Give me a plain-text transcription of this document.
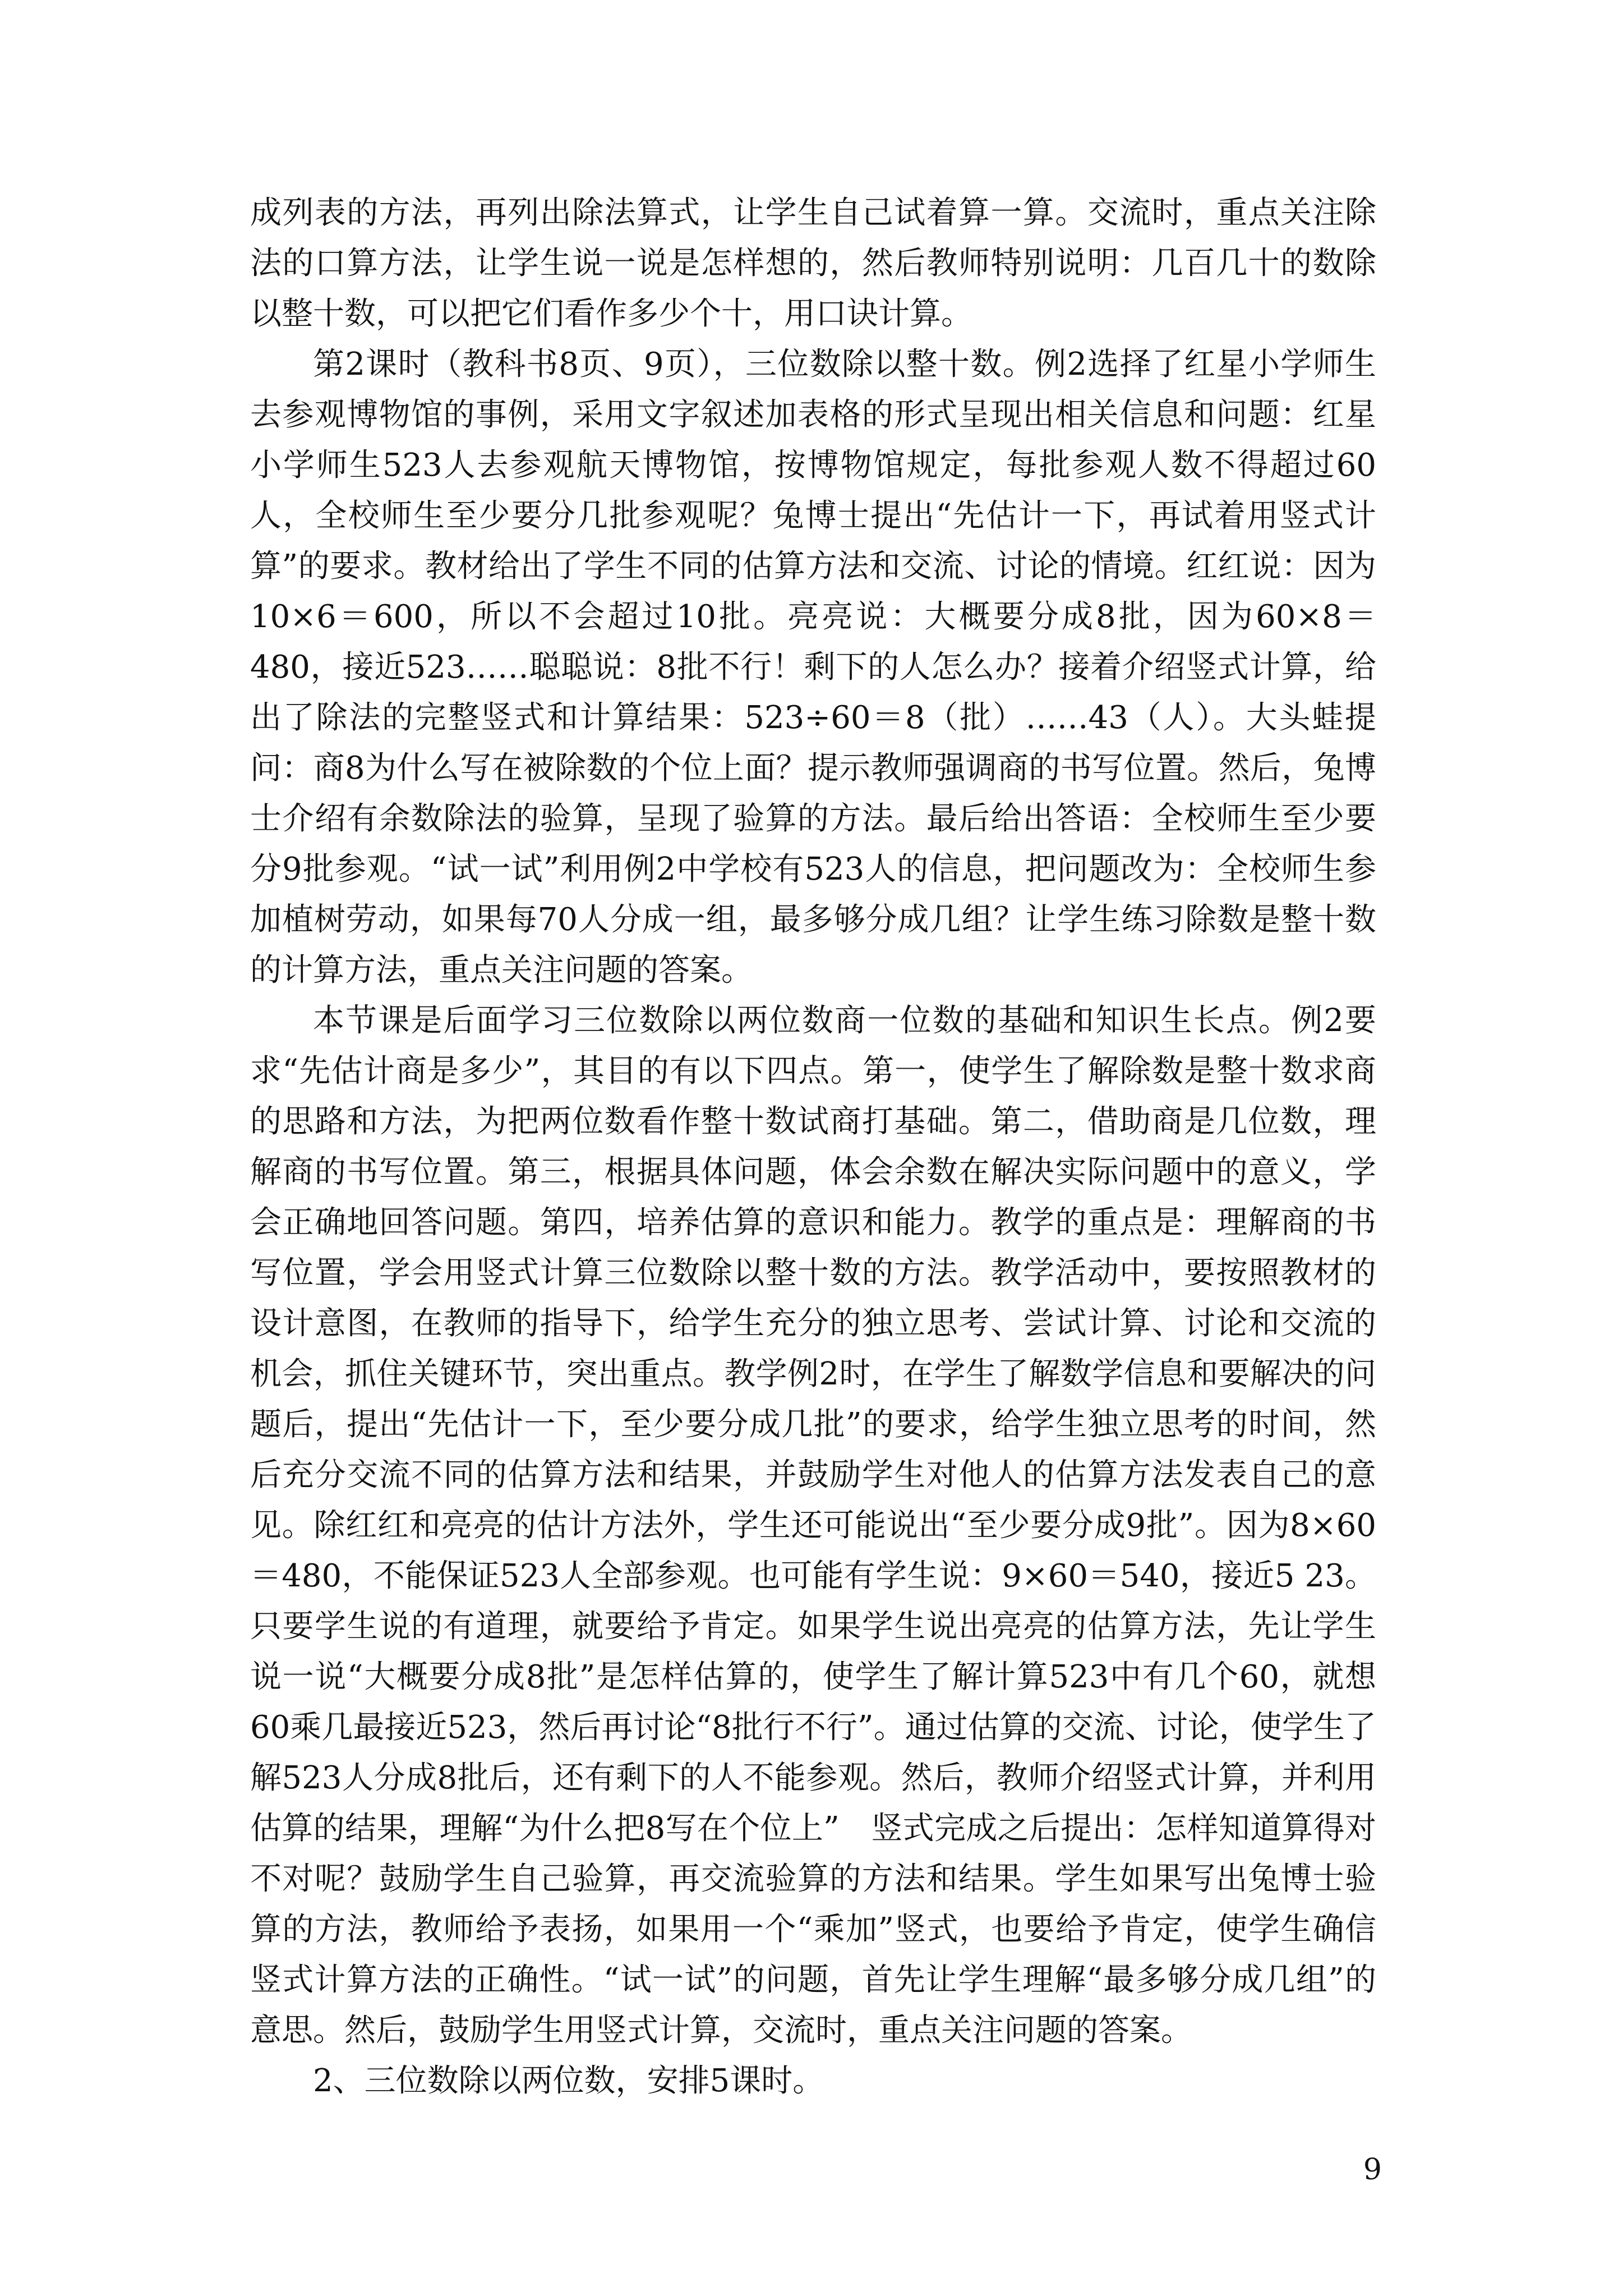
成列表的方法，再列出除法算式，让学生自己试着算一算。交流时，重点关注除法的口算方法，让学生说一说是怎样想的，然后教师特别说明：几百几十的数除以整十数，可以把它们看作多少个十，用口诀计算。

第2课时（教科书8页、9页），三位数除以整十数。例2选择了红星小学师生去参观博物馆的事例，采用文字叙述加表格的形式呈现出相关信息和问题：红星小学师生523人去参观航天博物馆，按博物馆规定，每批参观人数不得超过60人，全校师生至少要分几批参观呢？兔博士提出“先估计一下，再试着用竖式计算”的要求。教材给出了学生不同的估算方法和交流、讨论的情境。红红说：因为10×6＝600，所以不会超过10批。亮亮说：大概要分成8批，因为60×8＝480，接近523……聪聪说：8批不行！剩下的人怎么办？接着介绍竖式计算，给出了除法的完整竖式和计算结果：523÷60＝8（批）……43（人）。大头蛙提问：商8为什么写在被除数的个位上面？提示教师强调商的书写位置。然后，兔博士介绍有余数除法的验算，呈现了验算的方法。最后给出答语：全校师生至少要分9批参观。“试一试”利用例2中学校有523人的信息，把问题改为：全校师生参加植树劳动，如果每70人分成一组，最多够分成几组？让学生练习除数是整十数的计算方法，重点关注问题的答案。

本节课是后面学习三位数除以两位数商一位数的基础和知识生长点。例2要求“先估计商是多少”，其目的有以下四点。第一，使学生了解除数是整十数求商的思路和方法，为把两位数看作整十数试商打基础。第二，借助商是几位数，理解商的书写位置。第三，根据具体问题，体会余数在解决实际问题中的意义，学会正确地回答问题。第四，培养估算的意识和能力。教学的重点是：理解商的书写位置，学会用竖式计算三位数除以整十数的方法。教学活动中，要按照教材的设计意图，在教师的指导下，给学生充分的独立思考、尝试计算、讨论和交流的机会，抓住关键环节，突出重点。教学例2时，在学生了解数学信息和要解决的问题后，提出“先估计一下，至少要分成几批”的要求，给学生独立思考的时间，然后充分交流不同的估算方法和结果，并鼓励学生对他人的估算方法发表自己的意见。除红红和亮亮的估计方法外，学生还可能说出“至少要分成9批”。因为8×60＝480，不能保证523人全部参观。也可能有学生说：9×60＝540，接近5 23。只要学生说的有道理，就要给予肯定。如果学生说出亮亮的估算方法，先让学生说一说“大概要分成8批”是怎样估算的，使学生了解计算523中有几个60，就想60乘几最接近523，然后再讨论“8批行不行”。通过估算的交流、讨论，使学生了解523人分成8批后，还有剩下的人不能参观。然后，教师介绍竖式计算，并利用估算的结果，理解“为什么把8写在个位上”　竖式完成之后提出：怎样知道算得对不对呢？鼓励学生自己验算，再交流验算的方法和结果。学生如果写出兔博士验算的方法，教师给予表扬，如果用一个“乘加”竖式，也要给予肯定，使学生确信竖式计算方法的正确性。“试一试”的问题，首先让学生理解“最多够分成几组”的意思。然后，鼓励学生用竖式计算，交流时，重点关注问题的答案。

2、三位数除以两位数，安排5课时。

9
